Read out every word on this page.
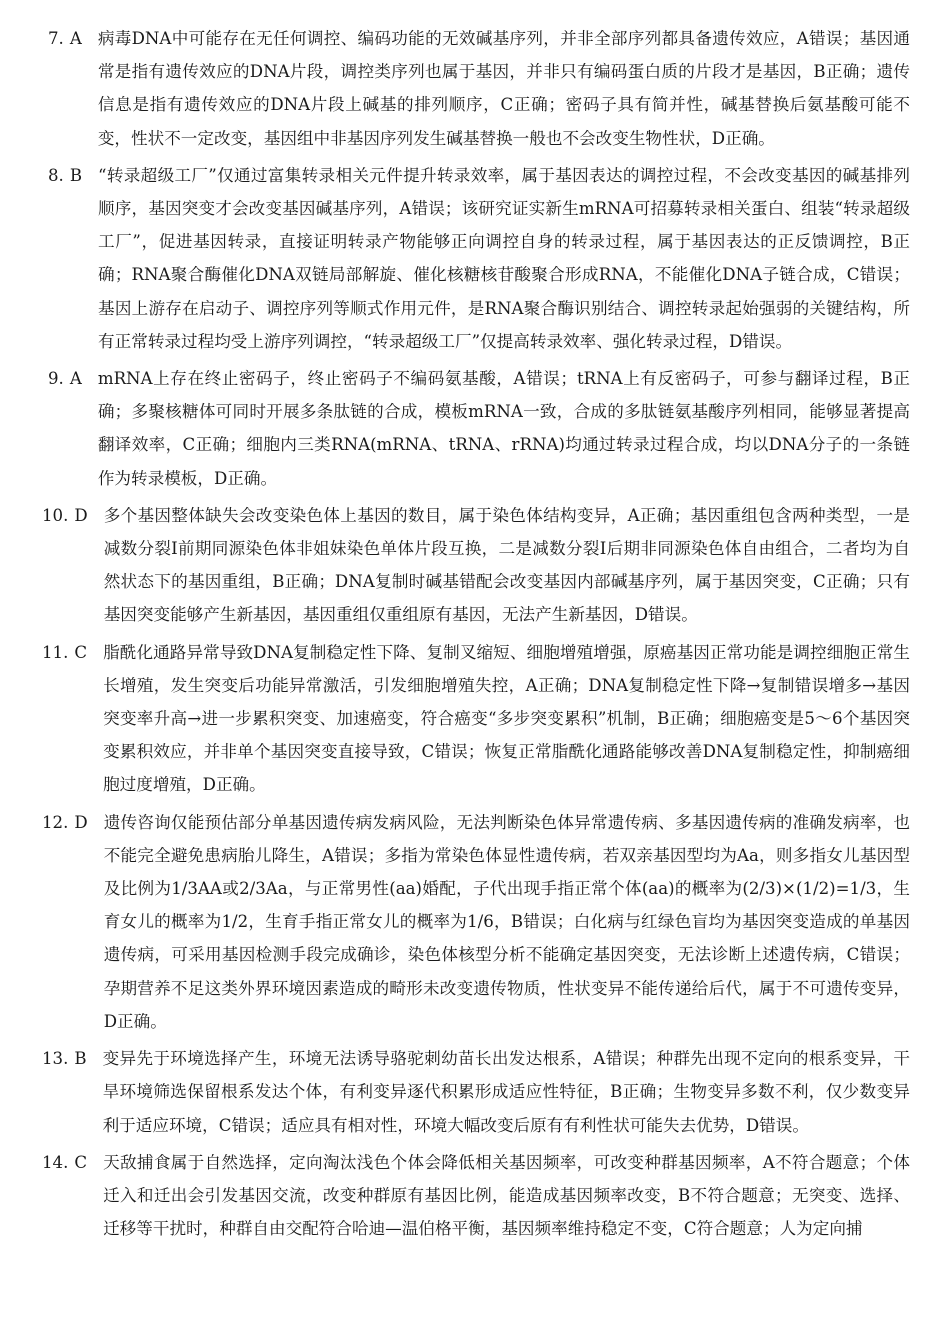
7. A 病毒DNA中可能存在无任何调控、编码功能的无效碱基序列，并非全部序列都具备遗传效应，A错误；基因通常是指有遗传效应的DNA片段，调控类序列也属于基因，并非只有编码蛋白质的片段才是基因，B正确；遗传信息是指有遗传效应的DNA片段上碱基的排列顺序，C正确；密码子具有简并性，碱基替换后氨基酸可能不变，性状不一定改变，基因组中非基因序列发生碱基替换一般也不会改变生物性状，D正确。
8. B “转录超级工厂”仅通过富集转录相关元件提升转录效率，属于基因表达的调控过程，不会改变基因的碱基排列顺序，基因突变才会改变基因碱基序列，A错误；该研究证实新生mRNA可招募转录相关蛋白、组装“转录超级工厂”，促进基因转录，直接证明转录产物能够正向调控自身的转录过程，属于基因表达的正反馈调控，B正确；RNA聚合酶催化DNA双链局部解旋、催化核糖核苷酸聚合形成RNA，不能催化DNA子链合成，C错误；基因上游存在启动子、调控序列等顺式作用元件，是RNA聚合酶识别结合、调控转录起始强弱的关键结构，所有正常转录过程均受上游序列调控，“转录超级工厂”仅提高转录效率、强化转录过程，D错误。
9. A mRNA上存在终止密码子，终止密码子不编码氨基酸，A错误；tRNA上有反密码子，可参与翻译过程，B正确；多聚核糖体可同时开展多条肽链的合成，模板mRNA一致，合成的多肽链氨基酸序列相同，能够显著提高翻译效率，C正确；细胞内三类RNA(mRNA、tRNA、rRNA)均通过转录过程合成，均以DNA分子的一条链作为转录模板，D正确。
10. D 多个基因整体缺失会改变染色体上基因的数目，属于染色体结构变异，A正确；基因重组包含两种类型，一是减数分裂Ⅰ前期同源染色体非姐妹染色单体片段互换，二是减数分裂Ⅰ后期非同源染色体自由组合，二者均为自然状态下的基因重组，B正确；DNA复制时碱基错配会改变基因内部碱基序列，属于基因突变，C正确；只有基因突变能够产生新基因，基因重组仅重组原有基因，无法产生新基因，D错误。
11. C 脂酰化通路异常导致DNA复制稳定性下降、复制叉缩短、细胞增殖增强，原癌基因正常功能是调控细胞正常生长增殖，发生突变后功能异常激活，引发细胞增殖失控，A正确；DNA复制稳定性下降→复制错误增多→基因突变率升高→进一步累积突变、加速癌变，符合癌变“多步突变累积”机制，B正确；细胞癌变是5～6个基因突变累积效应，并非单个基因突变直接导致，C错误；恢复正常脂酰化通路能够改善DNA复制稳定性，抑制癌细胞过度增殖，D正确。
12. D 遗传咨询仅能预估部分单基因遗传病发病风险，无法判断染色体异常遗传病、多基因遗传病的准确发病率，也不能完全避免患病胎儿降生，A错误；多指为常染色体显性遗传病，若双亲基因型均为Aa，则多指女儿基因型及比例为1/3AA或2/3Aa，与正常男性(aa)婚配，子代出现手指正常个体(aa)的概率为(2/3)×(1/2)=1/3，生育女儿的概率为1/2，生育手指正常女儿的概率为1/6，B错误；白化病与红绿色盲均为基因突变造成的单基因遗传病，可采用基因检测手段完成确诊，染色体核型分析不能确定基因突变，无法诊断上述遗传病，C错误；孕期营养不足这类外界环境因素造成的畸形未改变遗传物质，性状变异不能传递给后代，属于不可遗传变异，D正确。
13. B 变异先于环境选择产生，环境无法诱导骆驼刺幼苗长出发达根系，A错误；种群先出现不定向的根系变异，干旱环境筛选保留根系发达个体，有利变异逐代积累形成适应性特征，B正确；生物变异多数不利，仅少数变异利于适应环境，C错误；适应具有相对性，环境大幅改变后原有有利性状可能失去优势，D错误。
14. C 天敌捕食属于自然选择，定向淘汰浅色个体会降低相关基因频率，可改变种群基因频率，A不符合题意；个体迁入和迁出会引发基因交流，改变种群原有基因比例，能造成基因频率改变，B不符合题意；无突变、选择、迁移等干扰时，种群自由交配符合哈迪—温伯格平衡，基因频率维持稳定不变，C符合题意；人为定向捕
